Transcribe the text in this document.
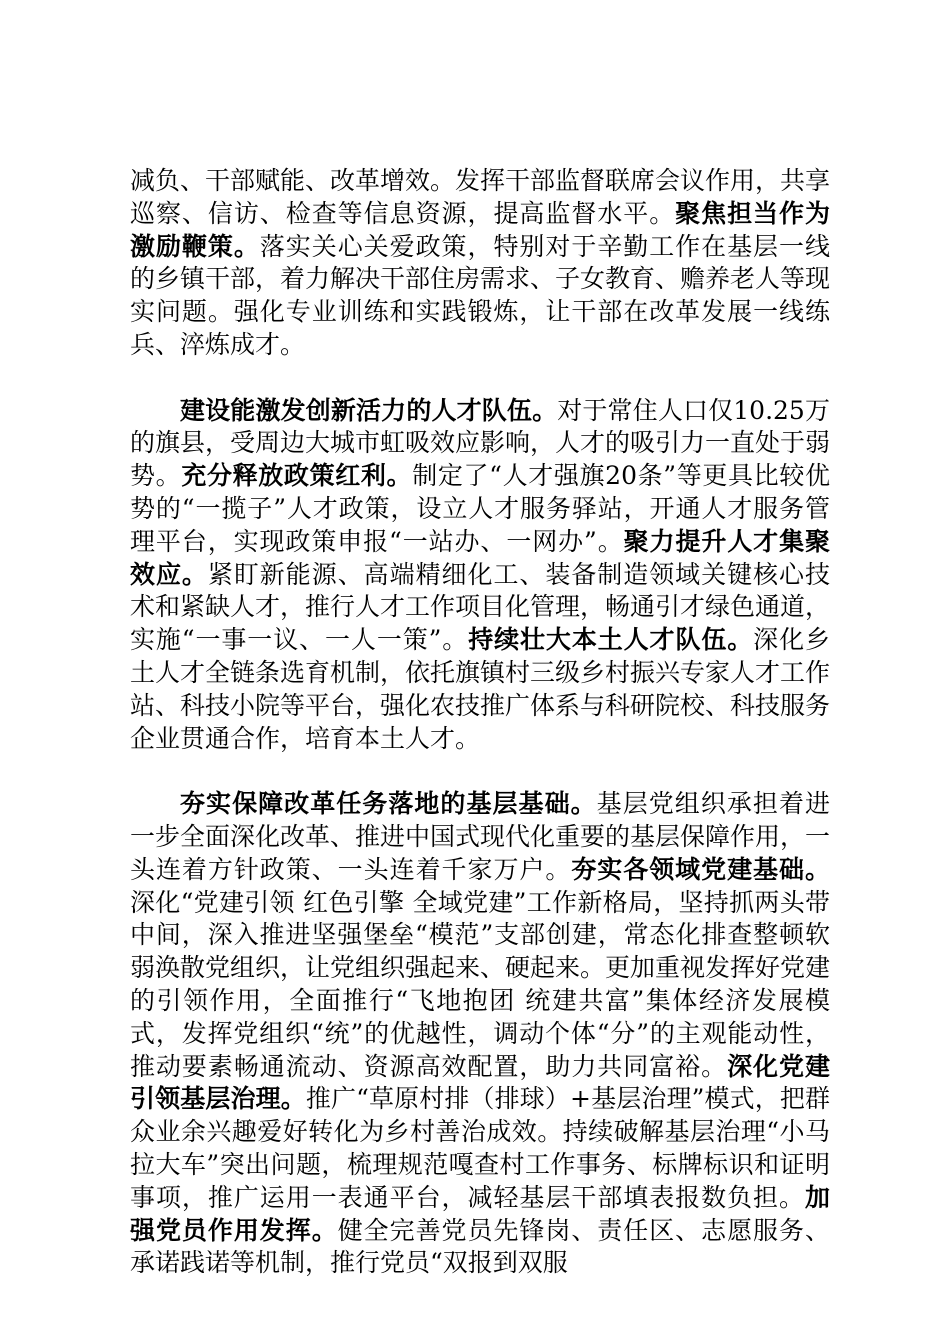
减负、干部赋能、改革增效。发挥干部监督联席会议作用，共享巡察、信访、检查等信息资源，提高监督水平。聚焦担当作为激励鞭策。落实关心关爱政策，特别对于辛勤工作在基层一线的乡镇干部，着力解决干部住房需求、子女教育、赡养老人等现实问题。强化专业训练和实践锻炼，让干部在改革发展一线练兵、淬炼成才。

建设能激发创新活力的人才队伍。对于常住人口仅10.25万的旗县，受周边大城市虹吸效应影响，人才的吸引力一直处于弱势。充分释放政策红利。制定了“人才强旗20条”等更具比较优势的“一揽子”人才政策，设立人才服务驿站，开通人才服务管理平台，实现政策申报“一站办、一网办”。聚力提升人才集聚效应。紧盯新能源、高端精细化工、装备制造领域关键核心技术和紧缺人才，推行人才工作项目化管理，畅通引才绿色通道，实施“一事一议、一人一策”。持续壮大本土人才队伍。深化乡土人才全链条选育机制，依托旗镇村三级乡村振兴专家人才工作站、科技小院等平台，强化农技推广体系与科研院校、科技服务企业贯通合作，培育本土人才。

夯实保障改革任务落地的基层基础。基层党组织承担着进一步全面深化改革、推进中国式现代化重要的基层保障作用，一头连着方针政策、一头连着千家万户。夯实各领域党建基础。深化“党建引领 红色引擎 全域党建”工作新格局，坚持抓两头带中间，深入推进坚强堡垒“模范”支部创建，常态化排查整顿软弱涣散党组织，让党组织强起来、硬起来。更加重视发挥好党建的引领作用，全面推行“飞地抱团 统建共富”集体经济发展模式，发挥党组织“统”的优越性，调动个体“分”的主观能动性，推动要素畅通流动、资源高效配置，助力共同富裕。深化党建引领基层治理。推广“草原村排（排球）+基层治理”模式，把群众业余兴趣爱好转化为乡村善治成效。持续破解基层治理“小马拉大车”突出问题，梳理规范嘎查村工作事务、标牌标识和证明事项，推广运用一表通平台，减轻基层干部填表报数负担。加强党员作用发挥。健全完善党员先锋岗、责任区、志愿服务、承诺践诺等机制，推行党员“双报到双服
